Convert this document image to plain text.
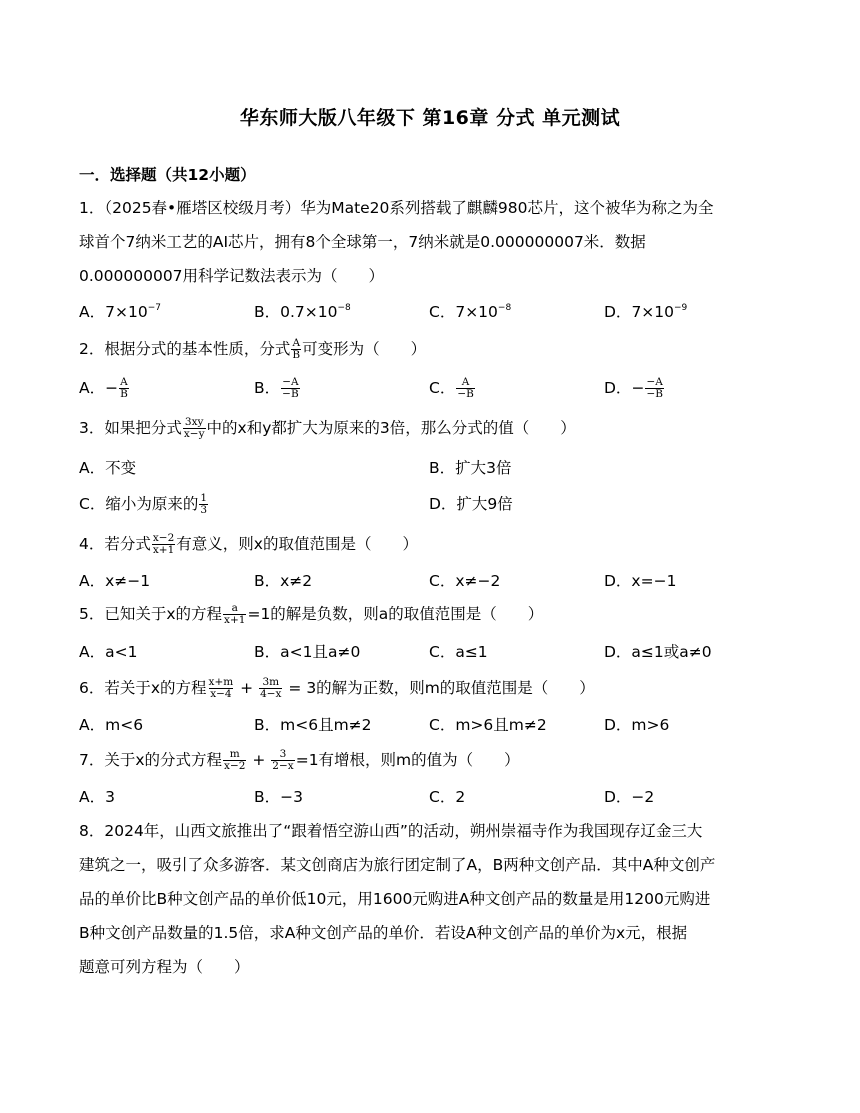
华东师大版八年级下 第16章 分式 单元测试
一．选择题（共12小题）
1．（2025春•雁塔区校级月考）华为Mate20系列搭载了麒麟980芯片，这个被华为称之为全
球首个7纳米工艺的AI芯片，拥有8个全球第一，7纳米就是0.000000007米．数据
0.000000007用科学记数法表示为（　　）
A．$7\times 10^{-7}$	B．$0.7\times 10^{-8}$	C．$7\times 10^{-8}$	D．$7\times 10^{-9}$
2．根据分式的基本性质，分式 $\frac{A}{B}$ 可变形为（　　）
A．− $\frac{A}{B}$	B． $\frac{-A}{-B}$	C． $\frac{A}{-B}$	D．− $\frac{-A}{-B}$
3．如果把分式 $\frac{3xy}{x-y}$ 中的x和y都扩大为原来的3倍，那么分式的值（　　）
A．不变	B．扩大3倍
C．缩小为原来的 $\frac{1}{3}$	D．扩大9倍
4．若分式 $\frac{x-2}{x+1}$ 有意义，则x的取值范围是（　　）
A．x≠−1	B．x≠2	C．x≠−2	D．x=−1
5．已知关于x的方程 $\frac{a}{x+1} =1$的解是负数，则a的取值范围是（　　）
A．a<1	B．a<1且a≠0	C．a≤1	D．a≤1或a≠0
6．若关于x的方程 $\frac{x+m}{x-4} + \frac{3m}{4-x} = 3$的解为正数，则m的取值范围是（　　）
A．m<6	B．m<6且m≠2	C．m>6且m≠2	D．m>6
7．关于x的分式方程 $\frac{m}{x-2} + \frac{3}{2-x} =1$有增根，则m的值为（　　）
A．3	B．−3	C．2	D．−2
8．2024年，山西文旅推出了“跟着悟空游山西”的活动，朔州崇福寺作为我国现存辽金三大
建筑之一，吸引了众多游客．某文创商店为旅行团定制了A，B两种文创产品．其中A种文创产
品的单价比B种文创产品的单价低10元，用1600元购进A种文创产品的数量是用1200元购进
B种文创产品数量的1.5倍，求A种文创产品的单价．若设A种文创产品的单价为x元，根据
题意可列方程为（　　）
